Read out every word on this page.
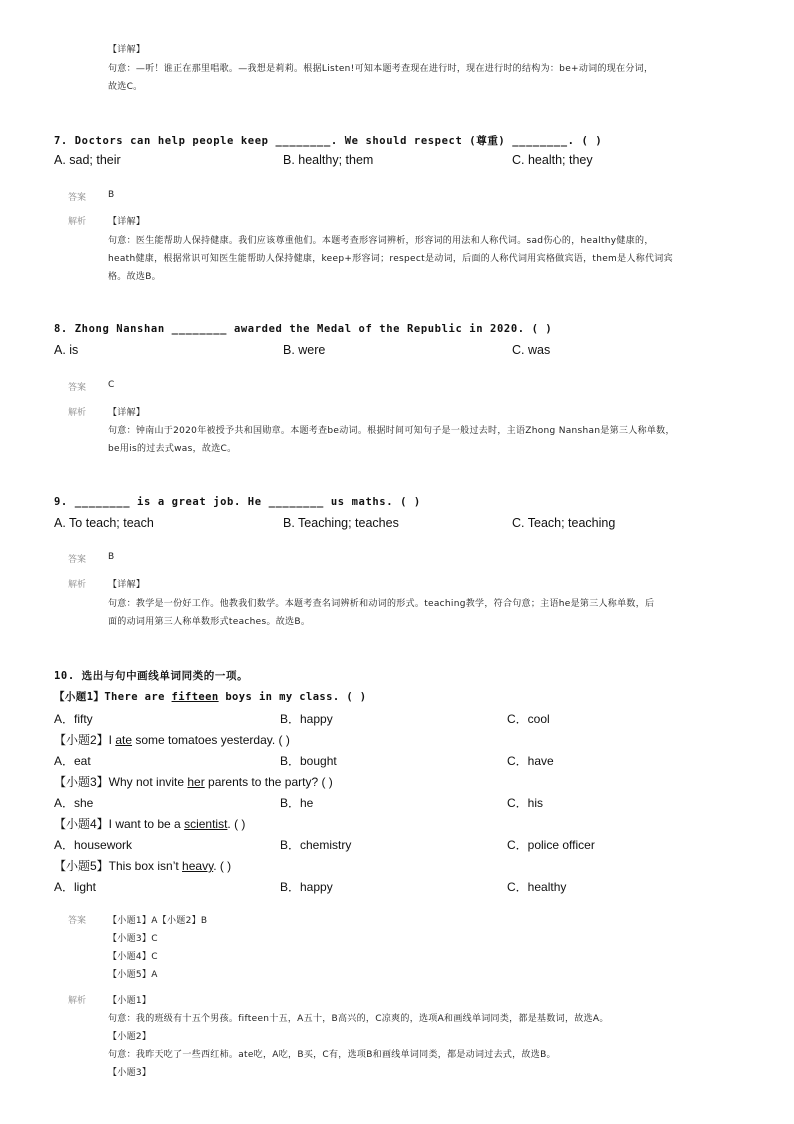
【详解】
句意：—听！谁正在那里唱歌。—我想是莉莉。根据Listen!可知本题考查现在进行时，现在进行时的结构为：be+动词的现在分词，
故选C。
7. Doctors can help people keep ________. We should respect (尊重) ________. ( )
A. sad; their	B. healthy; them	C. health; they
答案 B
解析 【详解】
句意：医生能帮助人保持健康。我们应该尊重他们。本题考查形容词辨析，形容词的用法和人称代词。sad伤心的，healthy健康的，
heath健康，根据常识可知医生能帮助人保持健康，keep+形容词；respect是动词，后面的人称代词用宾格做宾语，them是人称代词宾
格。故选B。
8. Zhong Nanshan ________ awarded the Medal of the Republic in 2020. ( )
A. is	B. were	C. was
答案 C
解析 【详解】
句意：钟南山于2020年被授予共和国勋章。本题考查be动词。根据时间可知句子是一般过去时，主语Zhong Nanshan是第三人称单数，
be用is的过去式was，故选C。
9. ________ is a great job. He ________ us maths. ( )
A. To teach; teach	B. Teaching; teaches	C. Teach; teaching
答案 B
解析 【详解】
句意：教学是一份好工作。他教我们数学。本题考查名词辨析和动词的形式。teaching教学，符合句意；主语he是第三人称单数，后
面的动词用第三人称单数形式teaches。故选B。
10. 选出与句中画线单词同类的一项。
【小题1】There are fifteen boys in my class. ( )
A．fifty	B．happy	C．cool
【小题2】I ate some tomatoes yesterday. ( )
A．eat	B．bought	C．have
【小题3】Why not invite her parents to the party? ( )
A．she	B．he	C．his
【小题4】I want to be a scientist. ( )
A．housework	B．chemistry	C．police officer
【小题5】This box isn’t heavy. ( )
A．light	B．happy	C．healthy
答案 【小题1】A【小题2】B
【小题3】C
【小题4】C
【小题5】A
解析 【小题1】
句意：我的班级有十五个男孩。fifteen十五，A五十，B高兴的，C凉爽的，选项A和画线单词同类，都是基数词，故选A。
【小题2】
句意：我昨天吃了一些西红柿。ate吃，A吃，B买，C有，选项B和画线单词同类，都是动词过去式，故选B。
【小题3】
